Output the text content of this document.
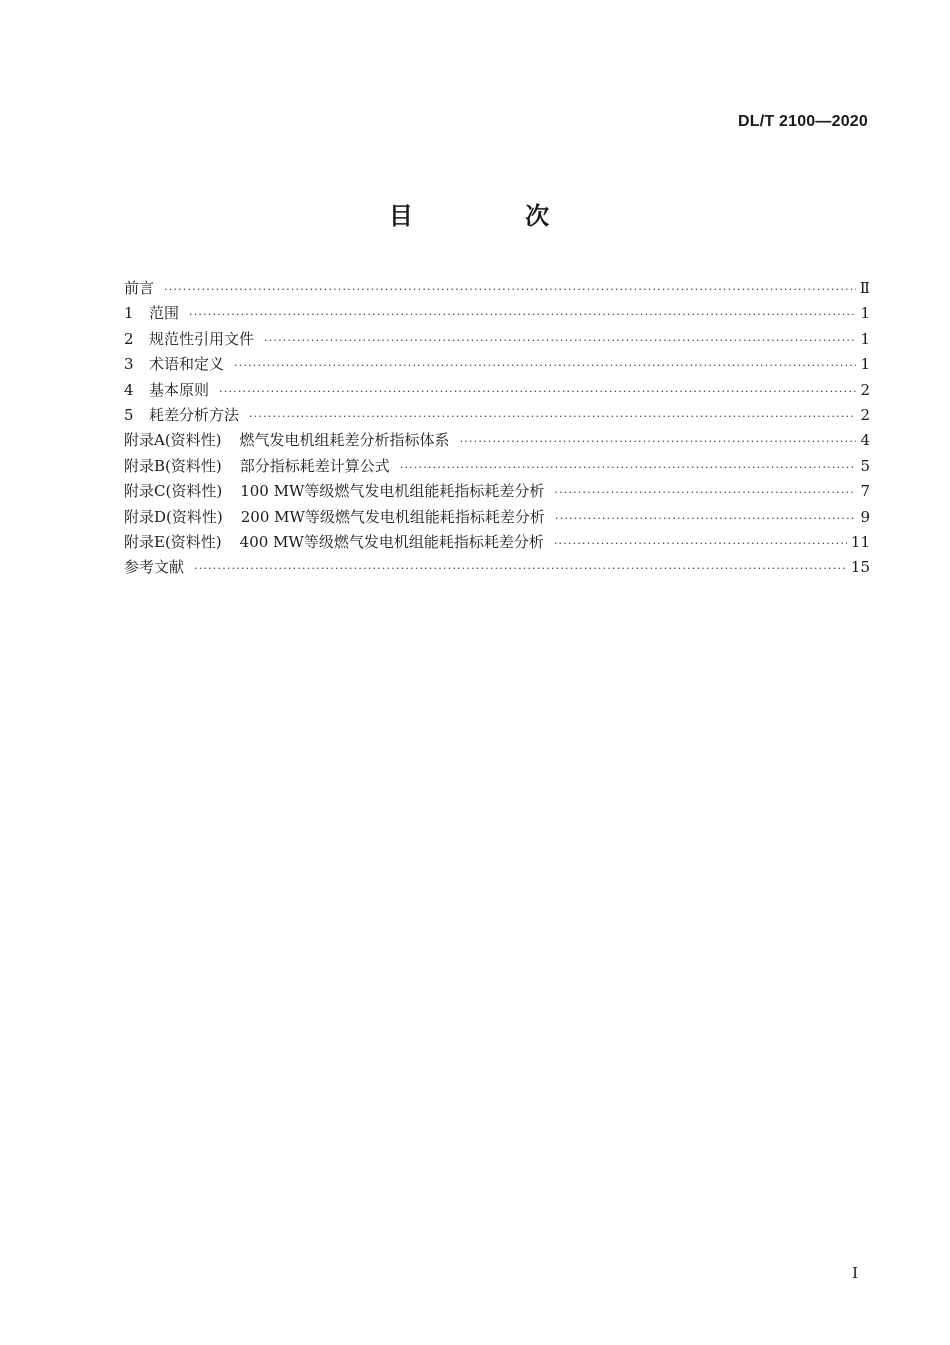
DL/T 2100—2020
目 次
前言 ·····	Ⅱ
1	范围 ·····	1
2	规范性引用文件 ·····	1
3	术语和定义 ·····	1
4	基本原则 ·····	2
5	耗差分析方法 ·····	2
附录A(资料性) 燃气发电机组耗差分析指标体系 ·····	4
附录B(资料性) 部分指标耗差计算公式 ·····	5
附录C(资料性) 100 MW等级燃气发电机组能耗指标耗差分析 ·····	7
附录D(资料性) 200 MW等级燃气发电机组能耗指标耗差分析 ·····	9
附录E(资料性) 400 MW等级燃气发电机组能耗指标耗差分析 ·····	11
参考文献 ·····	15
I
